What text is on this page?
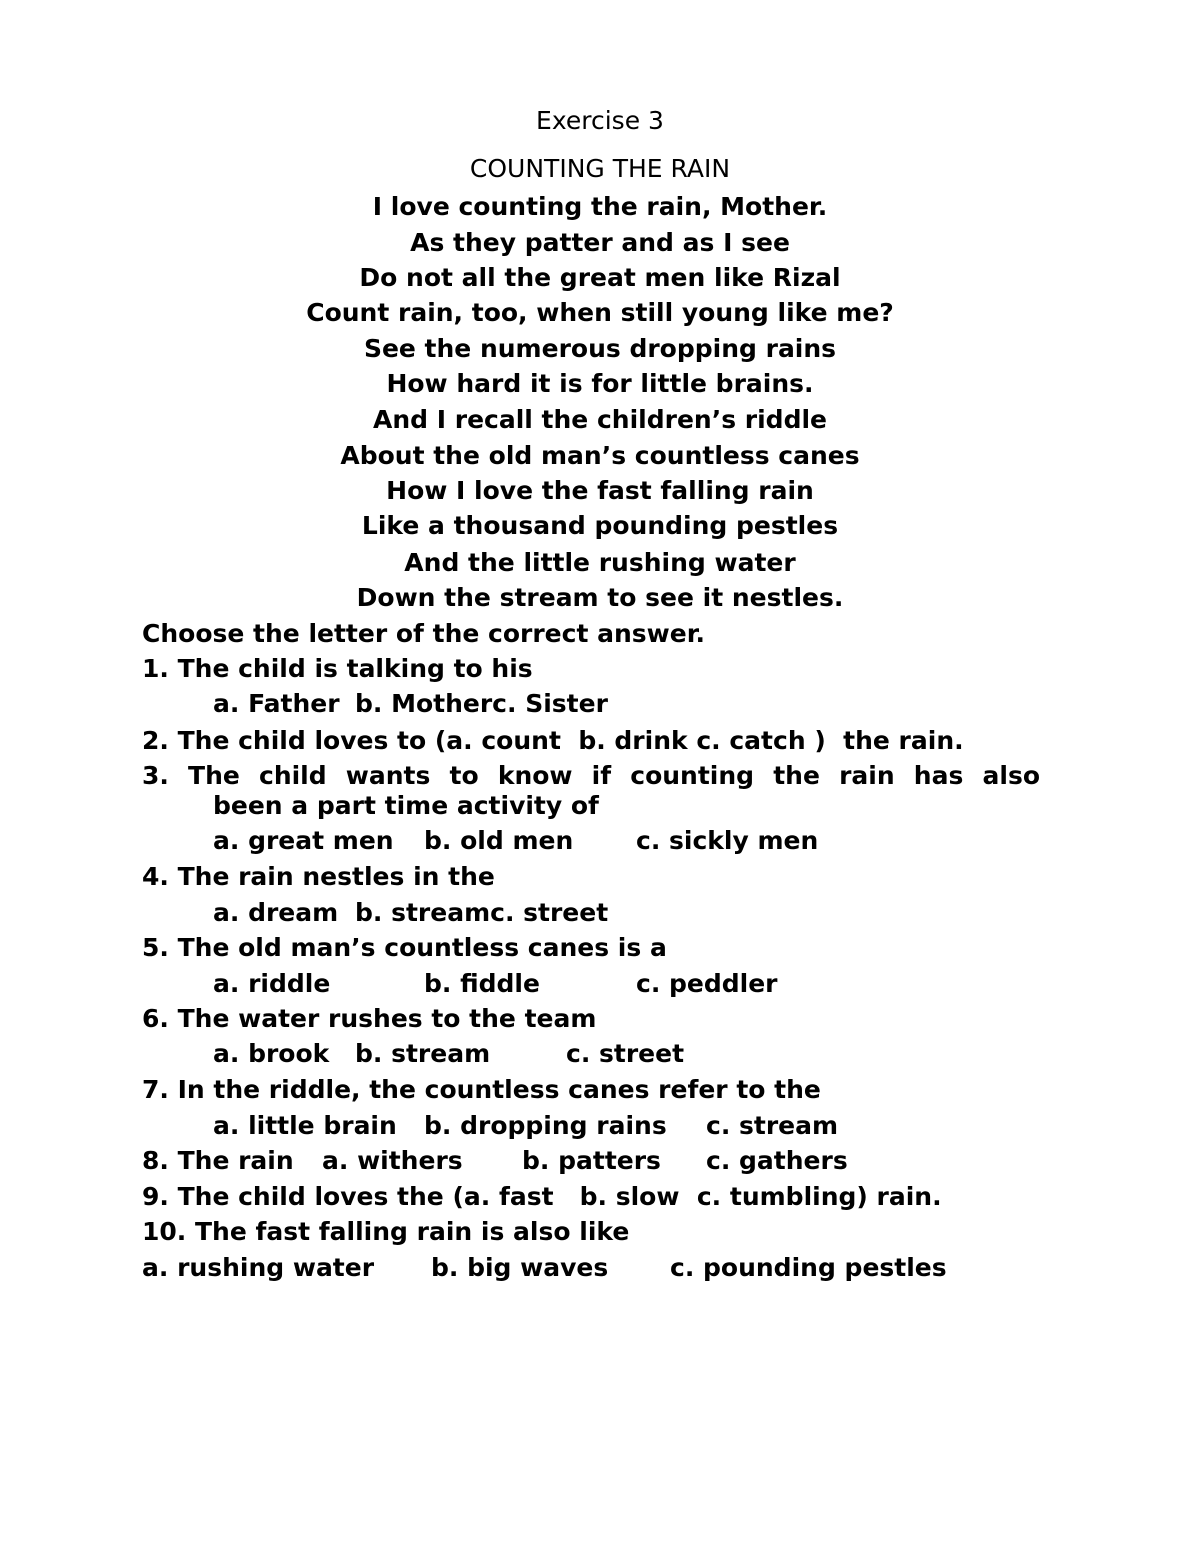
Exercise 3
COUNTING THE RAIN
I love counting the rain, Mother.
As they patter and as I see
Do not all the great men like Rizal
Count rain, too, when still young like me?
See the numerous dropping rains
How hard it is for little brains.
And I recall the children’s riddle
About the old man’s countless canes
How I love the fast falling rain
Like a thousand pounding pestles
And the little rushing water
Down the stream to see it nestles.
Choose the letter of the correct answer.
1. The child is talking to his
a. Father b. Motherc. Sister
2. The child loves to (a. count  b. drink c. catch )  the rain.
3. The child wants to know if counting the rain has also
been a part time activity of
a. great men b. old men	c. sickly men
4. The rain nestles in the
a. dream b. streamc. street
5. The old man’s countless canes is a
a. riddle	b. fiddle	c. peddler
6. The water rushes to the team
a. brook b. stream	c. street
7. In the riddle, the countless canes refer to the
a. little brain b. dropping rains c. stream
8. The rain a. withers b. patters c. gathers
9. The child loves the (a. fast   b. slow  c. tumbling) rain.
10. The fast falling rain is also like
a. rushing water b. big waves c. pounding pestles
